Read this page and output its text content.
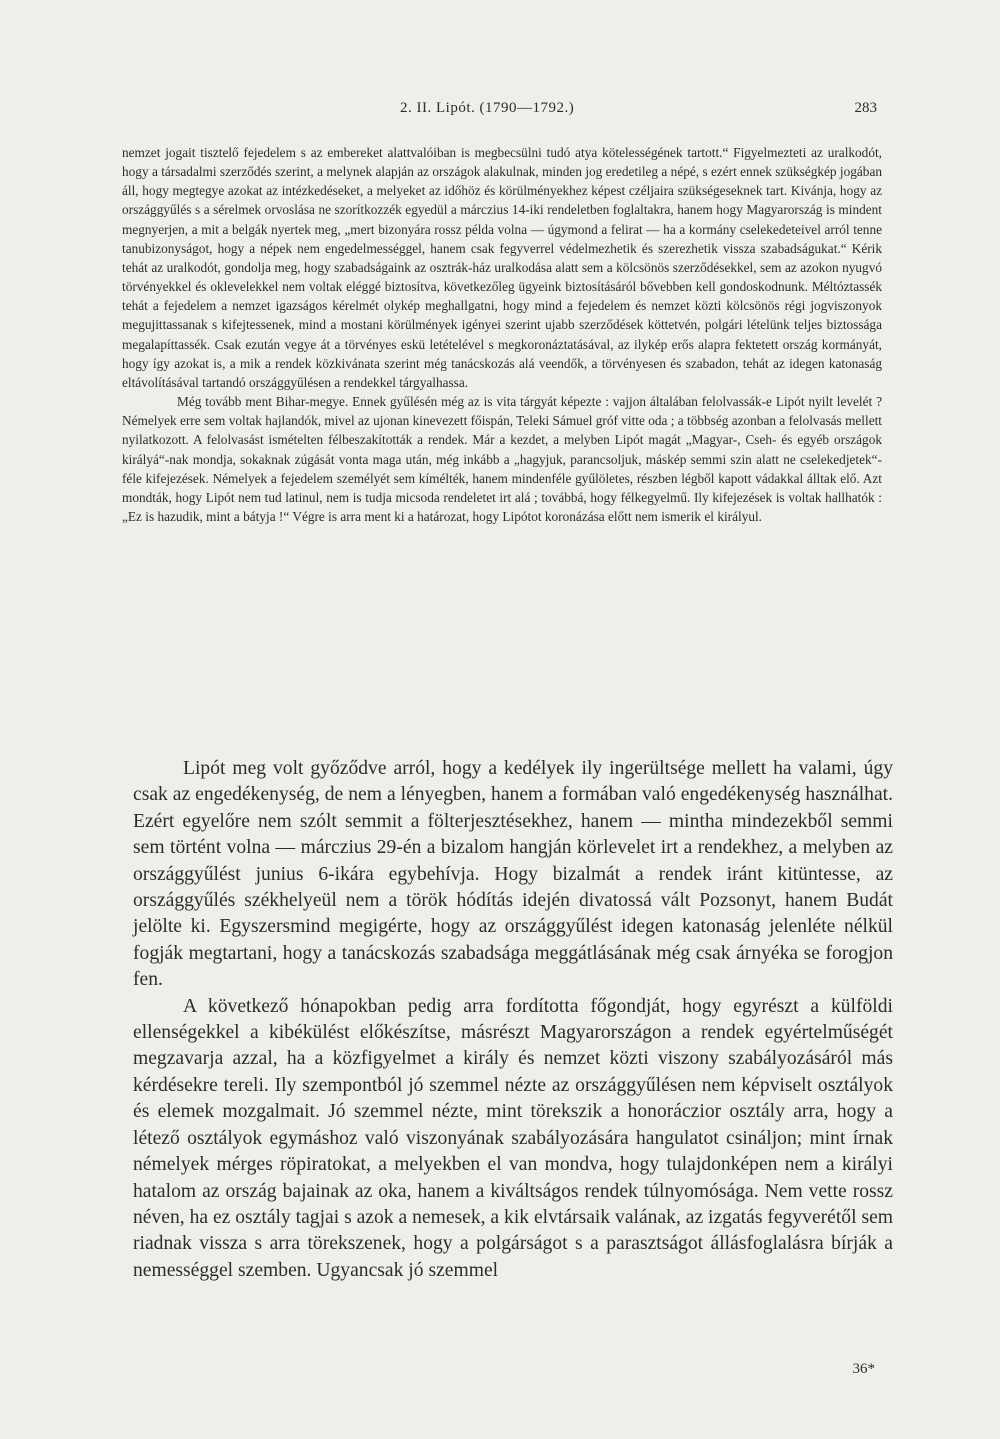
2. II. Lipót. (1790—1792.)	283

nemzet jogait tisztelő fejedelem s az embereket alattvalóiban is megbecsülni tudó atya kötelességének tartott.“ Figyelmezteti az uralkodót, hogy a társadalmi szerződés szerint, a melynek alapján az országok alakulnak, minden jog eredetileg a népé, s ezért ennek szükségkép jogában áll, hogy megtegye azokat az intézkedéseket, a melyeket az időhöz és körülményekhez képest czéljaira szükségeseknek tart. Kivánja, hogy az országgyűlés s a sérelmek orvoslása ne szorítkozzék egyedül a márczius 14-iki rendeletben foglaltakra, hanem hogy Magyarország is mindent megnyerjen, a mit a belgák nyertek meg, „mert bizonyára rossz példa volna — úgymond a felirat — ha a kormány cselekedeteivel arról tenne tanubizonyságot, hogy a népek nem engedelmességgel, hanem csak fegyverrel védelmezhetik és szerezhetik vissza szabadságukat.“ Kérik tehát az uralkodót, gondolja meg, hogy szabadságaink az osztrák-ház uralkodása alatt sem a kölcsönös szerződésekkel, sem az azokon nyugvó törvényekkel és oklevelekkel nem voltak eléggé biztosítva, következőleg ügyeink biztosításáról bővebben kell gondoskodnunk. Méltóztassék tehát a fejedelem a nemzet igazságos kérelmét olykép meghallgatni, hogy mind a fejedelem és nemzet közti kölcsönös régi jogviszonyok megujittassanak s kifejtessenek, mind a mostani körülmények igényei szerint ujabb szerződések köttetvén, polgári lételünk teljes biztossága megalapíttassék. Csak ezután vegye át a törvényes eskü letételével s megkoronáztatásával, az ilykép erős alapra fektetett ország kormányát, hogy így azokat is, a mik a rendek közkivánata szerint még tanácskozás alá veendők, a törvényesen és szabadon, tehát az idegen katonaság eltávolításával tartandó országgyűlésen a rendekkel tárgyalhassa.

Még tovább ment Bihar-megye. Ennek gyűlésén még az is vita tárgyát képezte : vajjon általában felolvassák-e Lipót nyilt levelét ? Némelyek erre sem voltak hajlandók, mivel az ujonan kinevezett főispán, Teleki Sámuel gróf vitte oda ; a többség azonban a felolvasás mellett nyilatkozott. A felolvasást ismételten félbeszakították a rendek. Már a kezdet, a melyben Lipót magát „Magyar-, Cseh- és egyéb országok királyá“-nak mondja, sokaknak zúgását vonta maga után, még inkább a „hagyjuk, parancsoljuk, máskép semmi szin alatt ne cselekedjetek“-féle kifejezések. Némelyek a fejedelem személyét sem kímélték, hanem mindenféle gyűlöletes, részben légből kapott vádakkal álltak elő. Azt mondták, hogy Lipót nem tud latinul, nem is tudja micsoda rendeletet irt alá ; továbbá, hogy félkegyelmű. Ily kifejezések is voltak hallhatók : „Ez is hazudik, mint a bátyja !“ Végre is arra ment ki a határozat, hogy Lipótot koronázása előtt nem ismerik el királyul.

Lipót meg volt győződve arról, hogy a kedélyek ily ingerültsége mellett ha valami, úgy csak az engedékenység, de nem a lényegben, hanem a formában való engedékenység használhat. Ezért egyelőre nem szólt semmit a fölterjesztésekhez, hanem — mintha mindezekből semmi sem történt volna — márczius 29-én a bizalom hangján körlevelet irt a rendekhez, a melyben az országgyűlést junius 6-ikára egybehívja. Hogy bizalmát a rendek iránt kitüntesse, az országgyűlés székhelyeül nem a török hódítás idején divatossá vált Pozsonyt, hanem Budát jelölte ki. Egyszersmind megigérte, hogy az országgyűlést idegen katonaság jelenléte nélkül fogják megtartani, hogy a tanácskozás szabadsága meggátlásának még csak árnyéka se forogjon fen.

A következő hónapokban pedig arra fordította főgondját, hogy egyrészt a külföldi ellenségekkel a kibékülést előkészítse, másrészt Magyarországon a rendek egyértelműségét megzavarja azzal, ha a közfigyelmet a király és nemzet közti viszony szabályozásáról más kérdésekre tereli. Ily szempontból jó szemmel nézte az országgyűlésen nem képviselt osztályok és elemek mozgalmait. Jó szemmel nézte, mint törekszik a honoráczior osztály arra, hogy a létező osztályok egymáshoz való viszonyának szabályozására hangulatot csináljon; mint írnak némelyek mérges röpiratokat, a melyekben el van mondva, hogy tulajdonképen nem a királyi hatalom az ország bajainak az oka, hanem a kiváltságos rendek túlnyomósága. Nem vette rossz néven, ha ez osztály tagjai s azok a nemesek, a kik elvtársaik valának, az izgatás fegyverétől sem riadnak vissza s arra törekszenek, hogy a polgárságot s a parasztságot állásfoglalásra bírják a nemességgel szemben. Ugyancsak jó szemmel

36*
